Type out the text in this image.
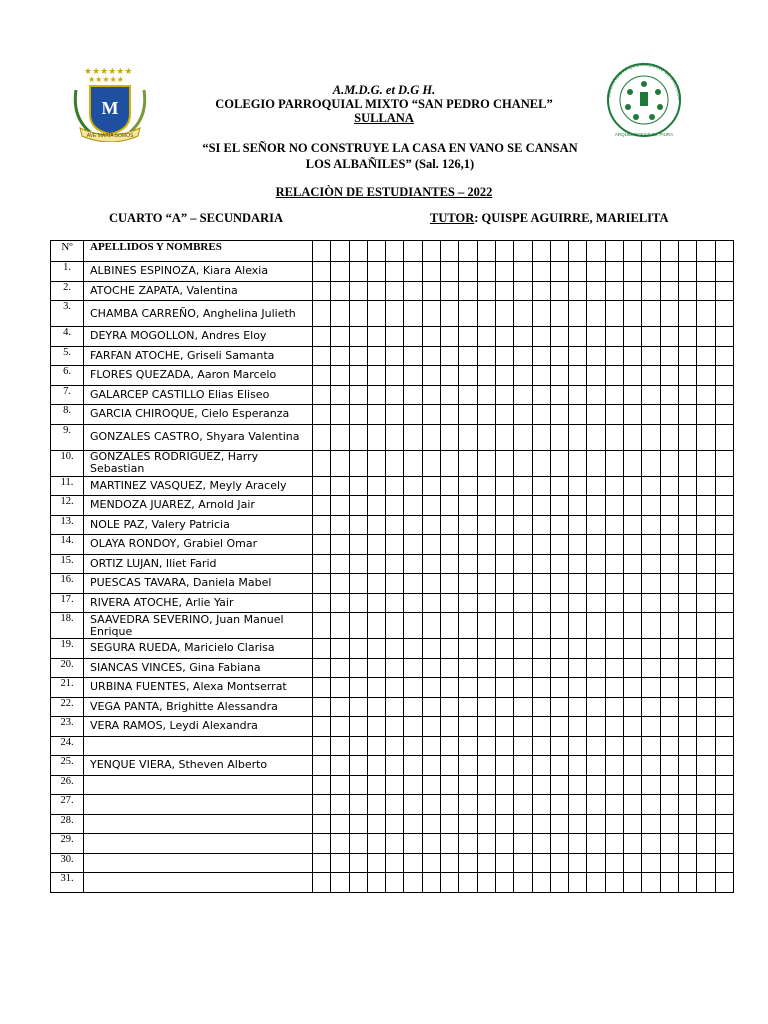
★★★★★★
★★★★★
M
AVE MARIA SOMOS	ARQUIDIÓCESIS DE PIURA
CONSORCIO ARQUIDIOCESANO DE COLEGIOS
A.M.D.G. et D.G H.
COLEGIO PARROQUIAL MIXTO “SAN PEDRO CHANEL”
SULLANA
“SI EL SEÑOR NO CONSTRUYE LA CASA EN VANO SE CANSAN
LOS ALBAÑILES” (Sal. 126,1)
RELACIÒN DE ESTUDIANTES – 2022
CUARTO “A” – SECUNDARIA	TUTOR: QUISPE AGUIRRE, MARIELITA
Nº	APELLIDOS Y NOMBRES																							
1.	ALBINES ESPINOZA, Kiara Alexia																							
2.	ATOCHE ZAPATA, Valentina																							
3.	CHAMBA CARREÑO, Anghelina Julieth																							
4.	DEYRA MOGOLLON, Andres Eloy																							
5.	FARFAN ATOCHE, Griseli Samanta																							
6.	FLORES QUEZADA, Aaron Marcelo																							
7.	GALARCEP CASTILLO Elias Eliseo																							
8.	GARCIA CHIROQUE, Cielo Esperanza																							
9.	GONZALES CASTRO, Shyara Valentina																							
10.	GONZALES RODRIGUEZ, Harry Sebastian																							
11.	MARTINEZ VASQUEZ, Meyly Aracely																							
12.	MENDOZA JUAREZ, Arnold Jair																							
13.	NOLE PAZ, Valery Patricia																							
14.	OLAYA RONDOY, Grabiel Omar																							
15.	ORTIZ LUJAN, Iliet Farid																							
16.	PUESCAS TAVARA, Daniela Mabel																							
17.	RIVERA ATOCHE, Arlie Yair																							
18.	SAAVEDRA SEVERINO, Juan Manuel Enrique																							
19.	SEGURA RUEDA, Maricielo Clarisa																							
20.	SIANCAS VINCES, Gina Fabiana																							
21.	URBINA FUENTES, Alexa Montserrat																							
22.	VEGA PANTA, Brighitte Alessandra																							
23.	VERA RAMOS, Leydi Alexandra																							
24.																								
25.	YENQUE VIERA, Stheven Alberto																							
26.																								
27.																								
28.																								
29.																								
30.																								
31.																								
